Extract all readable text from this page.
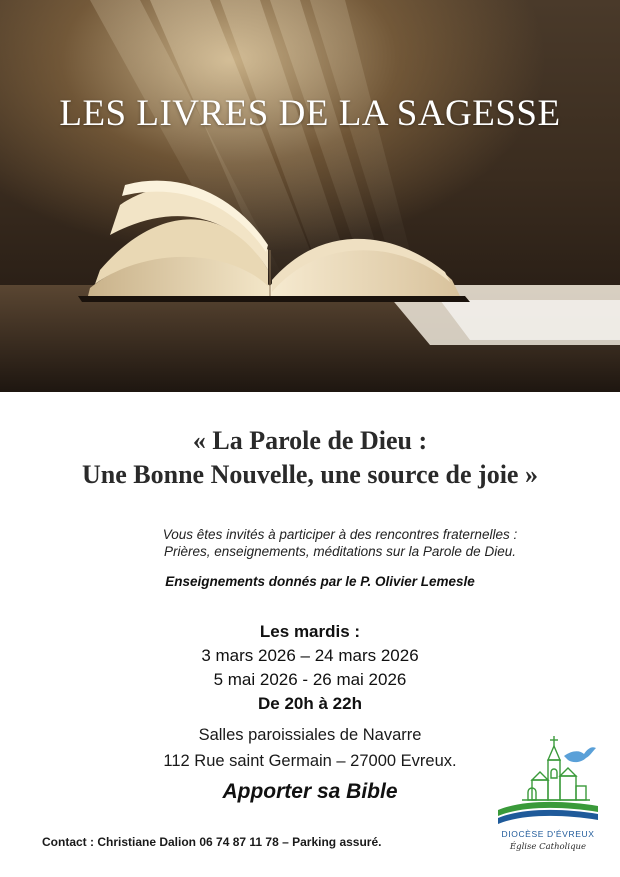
LES LIVRES DE LA SAGESSE
« La Parole de Dieu :
Une Bonne Nouvelle, une source de joie »
Vous êtes invités à participer à des rencontres fraternelles :
Prières, enseignements, méditations sur la Parole de Dieu.
Enseignements donnés par le P. Olivier Lemesle
Les mardis :
3 mars 2026 – 24 mars 2026
5 mai 2026 - 26 mai 2026
De 20h à 22h
Salles paroissiales de Navarre
112 Rue saint Germain – 27000 Evreux.
Apporter sa Bible
Contact : Christiane Dalion 06 74 87 11 78 – Parking assuré.
DIOCÈSE D'ÉVREUX
Église Catholique
